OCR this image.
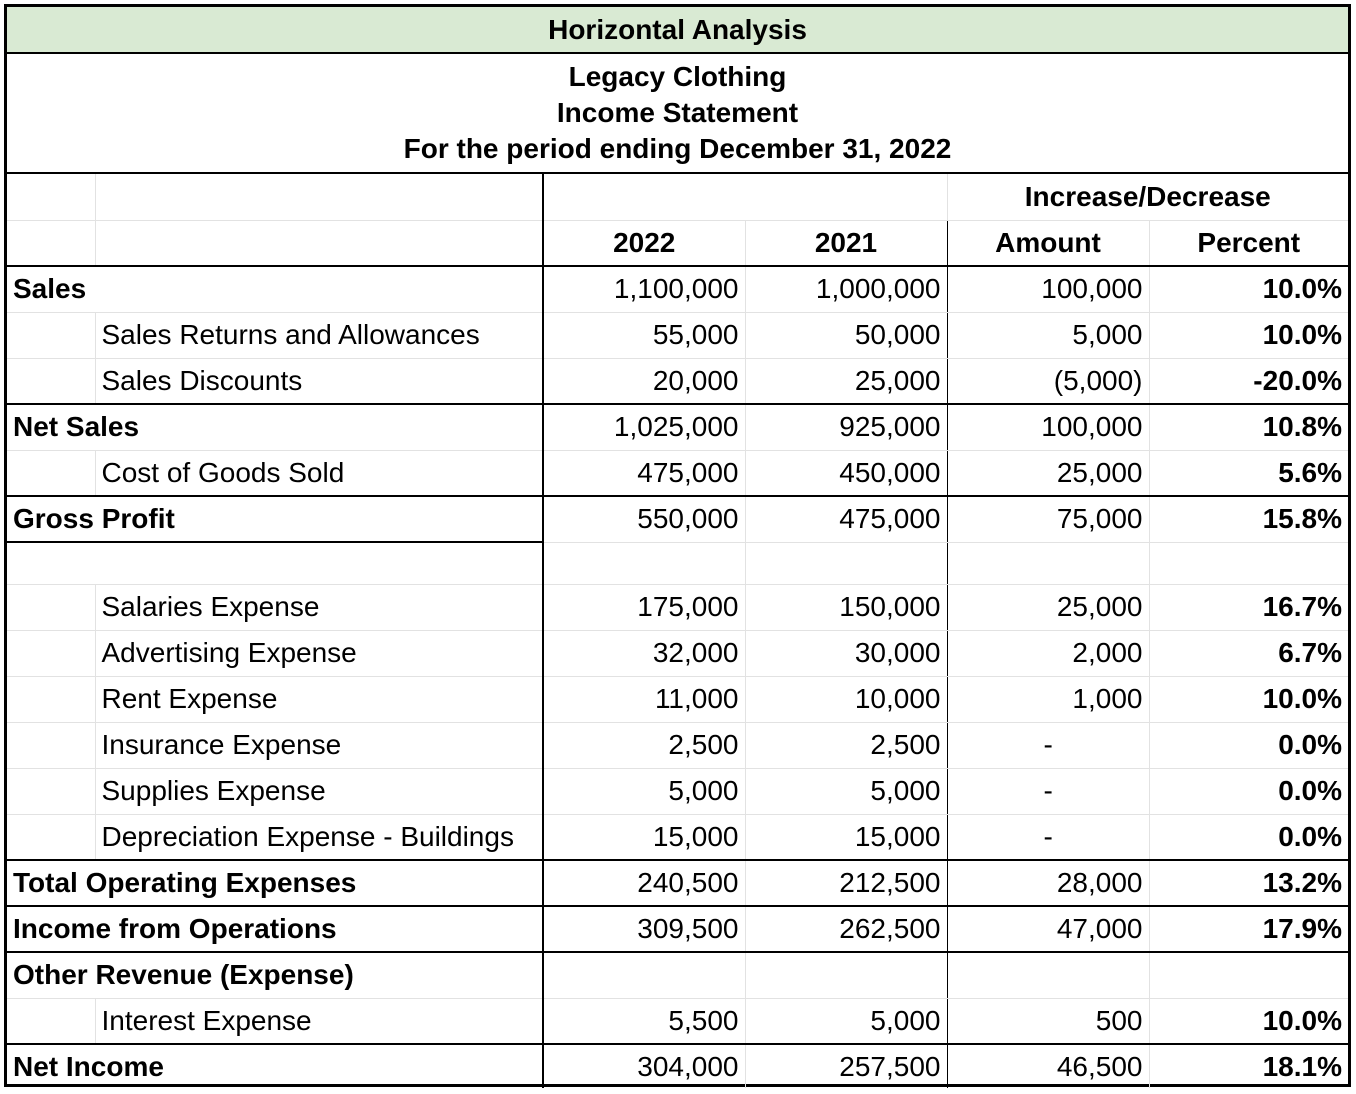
Horizontal Analysis
Legacy Clothing
Income Statement
For the period ending December 31, 2022
				Increase/Decrease	
		2022	2021	Amount	Percent
Sales		1,100,000	1,000,000	100,000	10.0%
	Sales Returns and Allowances	55,000	50,000	5,000	10.0%
	Sales Discounts	20,000	25,000	(5,000)	-20.0%
Net Sales		1,025,000	925,000	100,000	10.8%
	Cost of Goods Sold	475,000	450,000	25,000	5.6%
Gross Profit		550,000	475,000	75,000	15.8%

	Salaries Expense	175,000	150,000	25,000	16.7%
	Advertising Expense	32,000	30,000	2,000	6.7%
	Rent Expense	11,000	10,000	1,000	10.0%
	Insurance Expense	2,500	2,500	-	0.0%
	Supplies Expense	5,000	5,000	-	0.0%
	Depreciation Expense - Buildings	15,000	15,000	-	0.0%
Total Operating Expenses		240,500	212,500	28,000	13.2%
Income from Operations		309,500	262,500	47,000	17.9%
Other Revenue (Expense)					
	Interest Expense	5,500	5,000	500	10.0%
Net Income		304,000	257,500	46,500	18.1%
